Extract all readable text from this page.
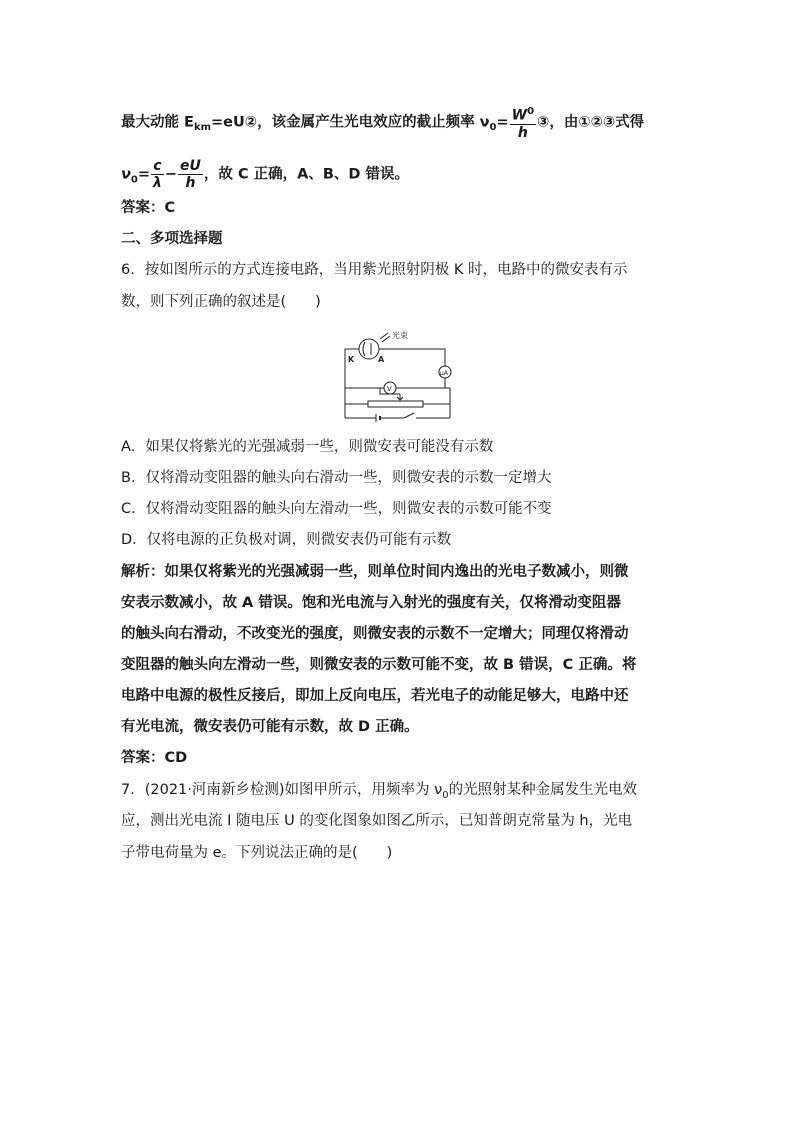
最大动能 $E_{km}=eU②$，该金属产生光电效应的截止频率 $\nu_0= \frac{W^0}{h}$ ③，由①②③式得
$\nu_0= \frac{c}{\lambda} - \frac{eU}{h}$ ，故 C 正确，A、B、D 错误。
答案：C
二、多项选择题
6．按如图所示的方式连接电路，当用紫光照射阴极 K 时，电路中的微安表有示
数，则下列正确的叙述是(　　)
光束
K	A
μA
V
A．如果仅将紫光的光强减弱一些，则微安表可能没有示数
B．仅将滑动变阻器的触头向右滑动一些，则微安表的示数一定增大
C．仅将滑动变阻器的触头向左滑动一些，则微安表的示数可能不变
D．仅将电源的正负极对调，则微安表仍可能有示数
解析：如果仅将紫光的光强减弱一些，则单位时间内逸出的光电子数减小，则微
安表示数减小，故 A 错误。饱和光电流与入射光的强度有关，仅将滑动变阻器
的触头向右滑动，不改变光的强度，则微安表的示数不一定增大；同理仅将滑动
变阻器的触头向左滑动一些，则微安表的示数可能不变，故 B 错误，C 正确。将
电路中电源的极性反接后，即加上反向电压，若光电子的动能足够大，电路中还
有光电流，微安表仍可能有示数，故 D 正确。
答案：CD
7．(2021·河南新乡检测)如图甲所示，用频率为 $\nu_0$的光照射某种金属发生光电效
应，测出光电流 I 随电压 U 的变化图象如图乙所示，已知普朗克常量为 h，光电
子带电荷量为 e。下列说法正确的是(　　)
